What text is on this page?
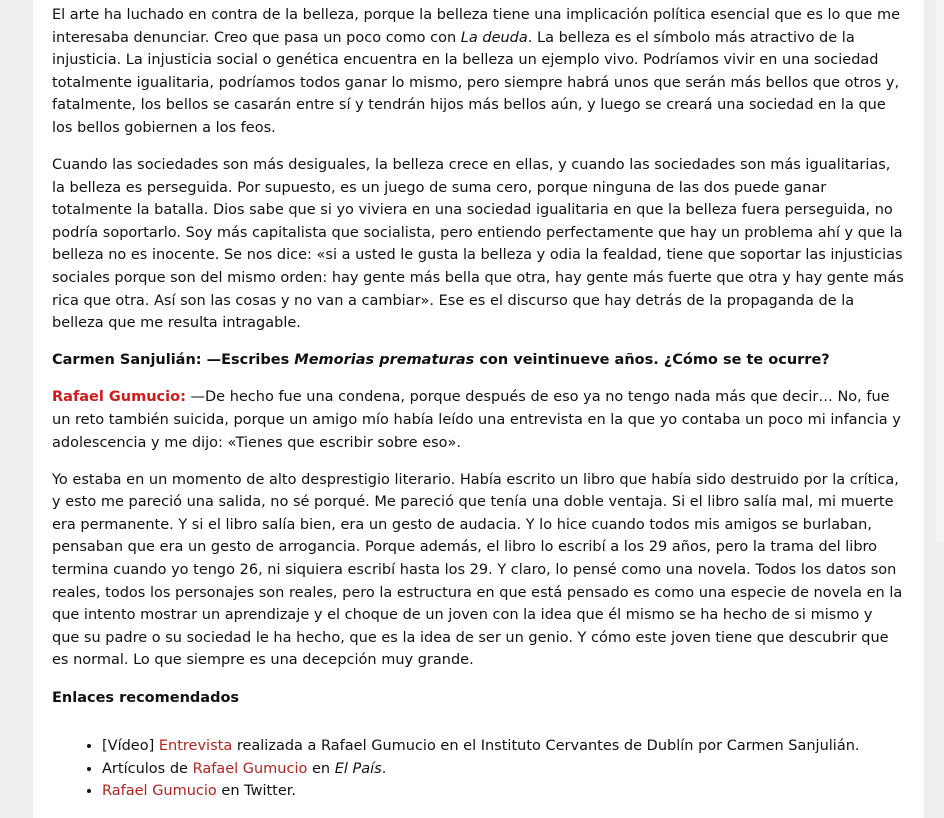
El arte ha luchado en contra de la belleza, porque la belleza tiene una implicación política esencial que es lo que me interesaba denunciar. Creo que pasa un poco como con La deuda. La belleza es el símbolo más atractivo de la injusticia. La injusticia social o genética encuentra en la belleza un ejemplo vivo. Podríamos vivir en una sociedad totalmente igualitaria, podríamos todos ganar lo mismo, pero siempre habrá unos que serán más bellos que otros y, fatalmente, los bellos se casarán entre sí y tendrán hijos más bellos aún, y luego se creará una sociedad en la que los bellos gobiernen a los feos.

Cuando las sociedades son más desiguales, la belleza crece en ellas, y cuando las sociedades son más igualitarias, la belleza es perseguida. Por supuesto, es un juego de suma cero, porque ninguna de las dos puede ganar totalmente la batalla. Dios sabe que si yo viviera en una sociedad igualitaria en que la belleza fuera perseguida, no podría soportarlo. Soy más capitalista que socialista, pero entiendo perfectamente que hay un problema ahí y que la belleza no es inocente. Se nos dice: «si a usted le gusta la belleza y odia la fealdad, tiene que soportar las injusticias sociales porque son del mismo orden: hay gente más bella que otra, hay gente más fuerte que otra y hay gente más rica que otra. Así son las cosas y no van a cambiar». Ese es el discurso que hay detrás de la propaganda de la belleza que me resulta intragable.

Carmen Sanjulián: —Escribes Memorias prematuras con veintinueve años. ¿Cómo se te ocurre?

Rafael Gumucio: —De hecho fue una condena, porque después de eso ya no tengo nada más que decir… No, fue un reto también suicida, porque un amigo mío había leído una entrevista en la que yo contaba un poco mi infancia y adolescencia y me dijo: «Tienes que escribir sobre eso».

Yo estaba en un momento de alto desprestigio literario. Había escrito un libro que había sido destruido por la crítica, y esto me pareció una salida, no sé porqué. Me pareció que tenía una doble ventaja. Si el libro salía mal, mi muerte era permanente. Y si el libro salía bien, era un gesto de audacia. Y lo hice cuando todos mis amigos se burlaban, pensaban que era un gesto de arrogancia. Porque además, el libro lo escribí a los 29 años, pero la trama del libro termina cuando yo tengo 26, ni siquiera escribí hasta los 29. Y claro, lo pensé como una novela. Todos los datos son reales, todos los personajes son reales, pero la estructura en que está pensado es como una especie de novela en la que intento mostrar un aprendizaje y el choque de un joven con la idea que él mismo se ha hecho de si mismo y que su padre o su sociedad le ha hecho, que es la idea de ser un genio. Y cómo este joven tiene que descubrir que es normal. Lo que siempre es una decepción muy grande.

Enlaces recomendados
• [Vídeo] Entrevista realizada a Rafael Gumucio en el Instituto Cervantes de Dublín por Carmen Sanjulián.
• Artículos de Rafael Gumucio en El País.
• Rafael Gumucio en Twitter.
